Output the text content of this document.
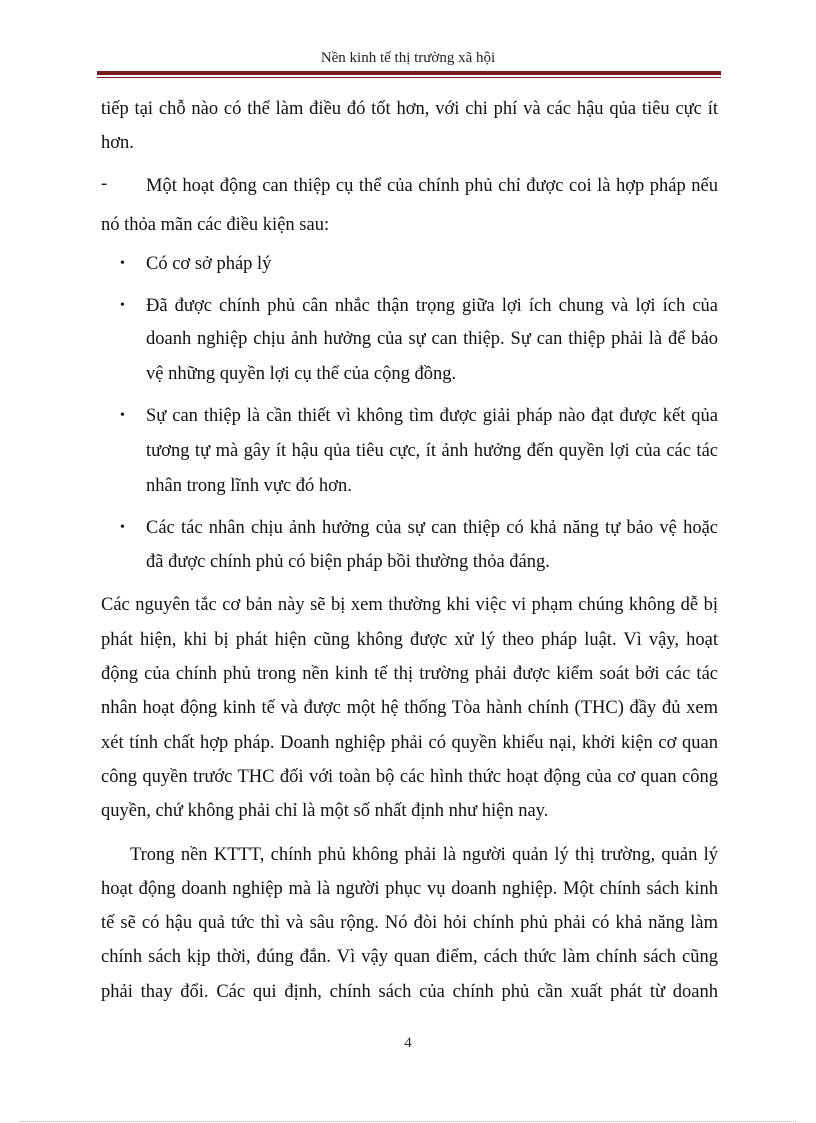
Nền kinh tế thị trường xã hội
tiếp tại chỗ nào có thể làm điều đó tốt hơn, với chi phí và các hậu qủa tiêu cực ít
hơn.
- Một hoạt động can thiệp cụ thể của chính phủ chỉ được coi là hợp pháp nếu
nó thỏa mãn các điều kiện sau:
• Có cơ sở pháp lý
• Đã được chính phủ cân nhắc thận trọng giữa lợi ích chung và lợi ích của
doanh nghiệp chịu ảnh hưởng của sự can thiệp. Sự can thiệp phải là để bảo
vệ những quyền lợi cụ thể của cộng đồng.
• Sự can thiệp là cần thiết vì không tìm được giải pháp nào đạt được kết qủa
tương tự mà gây ít hậu qủa tiêu cực, ít ảnh hưởng đến quyền lợi của các tác
nhân trong lĩnh vực đó hơn.
• Các tác nhân chịu ảnh hưởng của sự can thiệp có khả năng tự bảo vệ hoặc
đã được chính phủ có biện pháp bồi thường thỏa đáng.
Các nguyên tắc cơ bản này sẽ bị xem thường khi việc vi phạm chúng không dễ bị
phát hiện, khi bị phát hiện cũng không được xử lý theo pháp luật. Vì vậy, hoạt
động của chính phủ trong nền kinh tế thị trường phải được kiểm soát bởi các tác
nhân hoạt động kinh tế và được một hệ thống Tòa hành chính (THC) đầy đủ xem
xét tính chất hợp pháp. Doanh nghiệp phải có quyền khiếu nại, khởi kiện cơ quan
công quyền trước THC đối với toàn bộ các hình thức hoạt động của cơ quan công
quyền, chứ không phải chỉ là một số nhất định như hiện nay.
Trong nền KTTT, chính phủ không phải là người quản lý thị trường, quản lý
hoạt động doanh nghiệp mà là người phục vụ doanh nghiệp. Một chính sách kinh
tế sẽ có hậu quả tức thì và sâu rộng. Nó đòi hỏi chính phủ phải có khả năng làm
chính sách kịp thời, đúng đắn. Vì vậy quan điểm, cách thức làm chính sách cũng
phải thay đổi. Các qui định, chính sách của chính phủ cần xuất phát từ doanh
4
